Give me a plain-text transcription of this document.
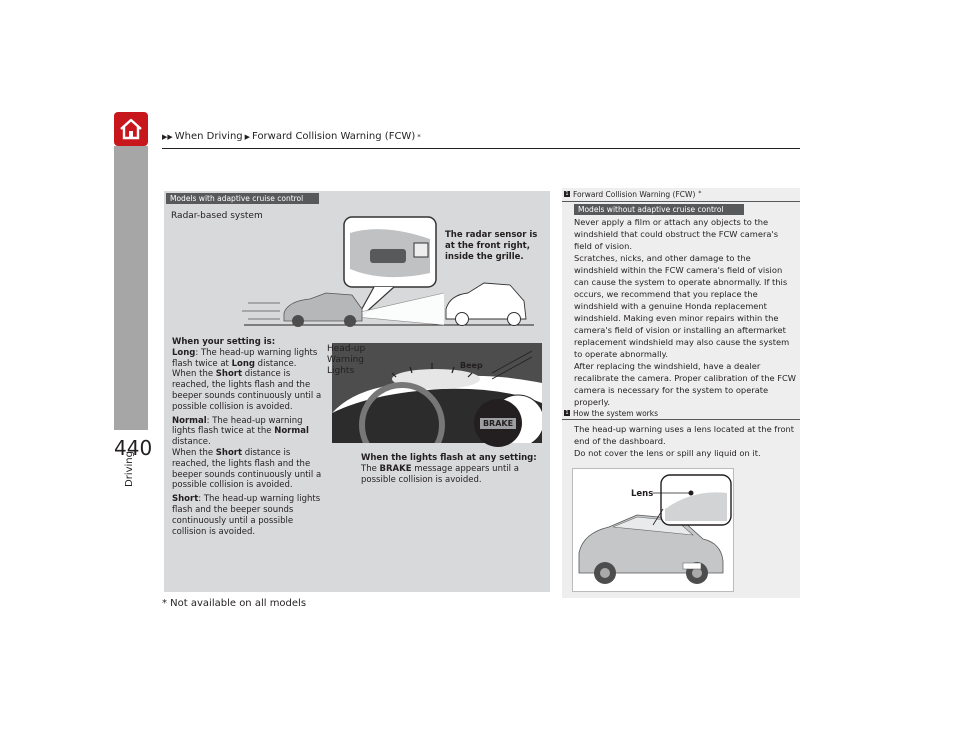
440
Driving
▶▶ When Driving ▶ Forward Collision Warning (FCW) *
Models with adaptive cruise control
Radar-based system
The radar sensor is at the front right, inside the grille.
BRAKE
Head-up Warning Lights
Beep

When your setting is:
Long: The head-up warning lights flash twice at Long distance.
When the Short distance is reached, the lights flash and the beeper sounds continuously until a possible collision is avoided.

Normal: The head-up warning lights flash twice at the Normal distance.
When the Short distance is reached, the lights flash and the beeper sounds continuously until a possible collision is avoided.

Short: The head-up warning lights flash and the beeper sounds continuously until a possible collision is avoided.

When the lights flash at any setting:
The BRAKE message appears until a possible collision is avoided.
1 Forward Collision Warning (FCW) *
Models without adaptive cruise control
Never apply a film or attach any objects to the windshield that could obstruct the FCW camera's field of vision.
Scratches, nicks, and other damage to the windshield within the FCW camera's field of vision can cause the system to operate abnormally. If this occurs, we recommend that you replace the windshield with a genuine Honda replacement windshield. Making even minor repairs within the camera's field of vision or installing an aftermarket replacement windshield may also cause the system to operate abnormally.
After replacing the windshield, have a dealer recalibrate the camera. Proper calibration of the FCW camera is necessary for the system to operate properly.
1 How the system works
The head-up warning uses a lens located at the front end of the dashboard.
Do not cover the lens or spill any liquid on it.
Lens
* Not available on all models
